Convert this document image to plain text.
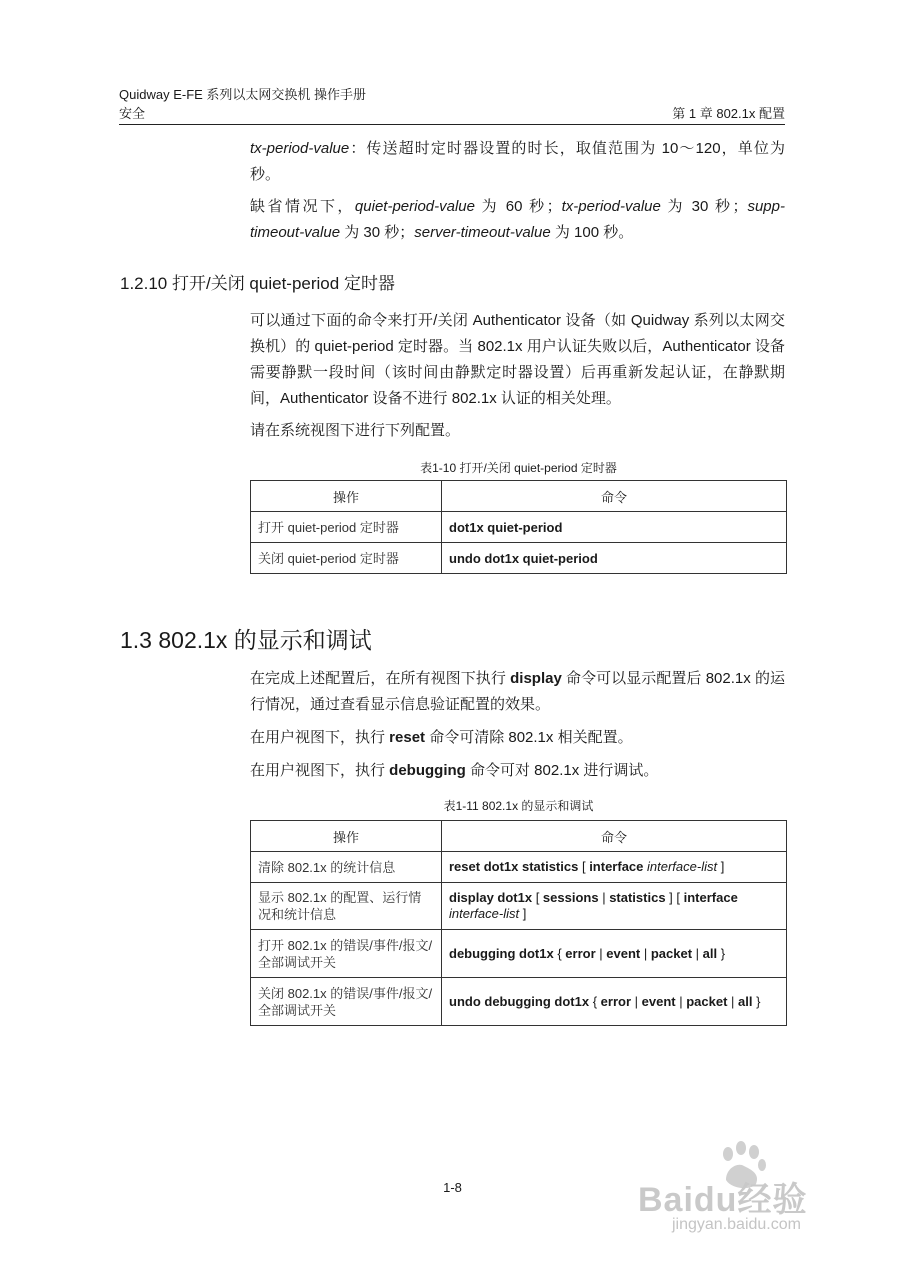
Quidway E-FE 系列以太网交换机 操作手册
安全	第 1 章 802.1x 配置
tx-period-value：传送超时定时器设置的时长，取值范围为 10～120，单位为秒。
缺省情况下，quiet-period-value 为 60 秒；tx-period-value 为 30 秒；supp-timeout-value 为 30 秒；server-timeout-value 为 100 秒。
1.2.10 打开/关闭 quiet-period 定时器
可以通过下面的命令来打开/关闭 Authenticator 设备（如 Quidway 系列以太网交换机）的 quiet-period 定时器。当 802.1x 用户认证失败以后，Authenticator 设备需要静默一段时间（该时间由静默定时器设置）后再重新发起认证，在静默期间，Authenticator 设备不进行 802.1x 认证的相关处理。
请在系统视图下进行下列配置。
表1-10 打开/关闭 quiet-period 定时器
操作	命令
打开 quiet-period 定时器	dot1x quiet-period
关闭 quiet-period 定时器	undo dot1x quiet-period
1.3 802.1x 的显示和调试
在完成上述配置后，在所有视图下执行 display 命令可以显示配置后 802.1x 的运行情况，通过查看显示信息验证配置的效果。
在用户视图下，执行 reset 命令可清除 802.1x 相关配置。
在用户视图下，执行 debugging 命令可对 802.1x 进行调试。
表1-11 802.1x 的显示和调试
操作	命令
清除 802.1x 的统计信息	reset dot1x statistics [ interface interface-list ]
显示 802.1x 的配置、运行情况和统计信息	display dot1x [ sessions | statistics ] [ interface interface-list ]
打开 802.1x 的错误/事件/报文/全部调试开关	debugging dot1x { error | event | packet | all }
关闭 802.1x 的错误/事件/报文/全部调试开关	undo debugging dot1x { error | event | packet | all }
1-8	Baidu经验
jingyan.baidu.com
